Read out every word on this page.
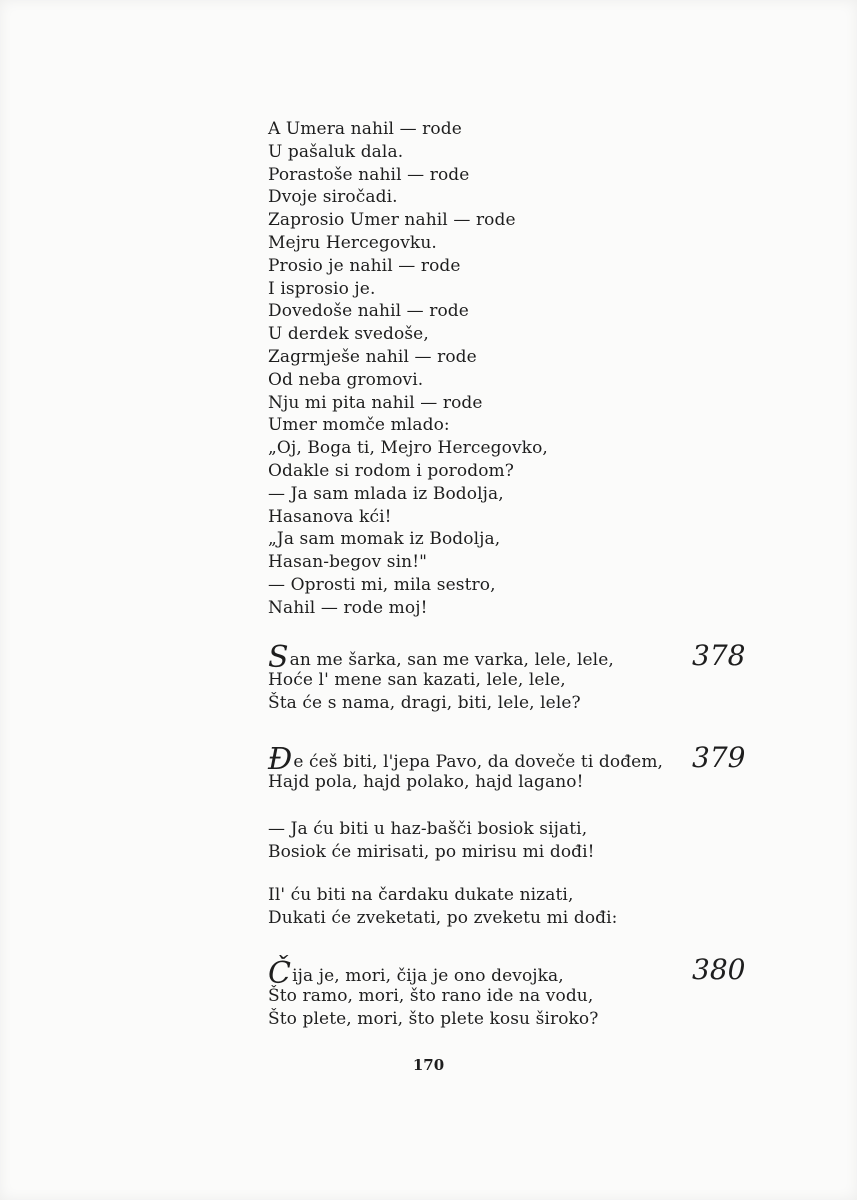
A Umera nahil — rode
U pašaluk dala.
Porastoše nahil — rode
Dvoje siročadi.
Zaprosio Umer nahil — rode
Mejru Hercegovku.
Prosio je nahil — rode
I isprosio je.
Dovedoše nahil — rode
U derdek svedoše,
Zagrmješe nahil — rode
Od neba gromovi.
Nju mi pita nahil — rode
Umer momče mlado:
„Oj, Boga ti, Mejro Hercegovko,
Odakle si rodom i porodom?
— Ja sam mlada iz Bodolja,
Hasanova kći!
„Ja sam momak iz Bodolja,
Hasan-begov sin!"
— Oprosti mi, mila sestro,
Nahil — rode moj!
San me šarka, san me varka, lele, lele,
Hoće l' mene san kazati, lele, lele,
Šta će s nama, dragi, biti, lele, lele?
378
Đe ćeš biti, l'jepa Pavo, da doveče ti dođem,
Hajd pola, hajd polako, hajd lagano!
379
— Ja ću biti u haz-bašči bosiok sijati,
Bosiok će mirisati, po mirisu mi dođi!
Il' ću biti na čardaku dukate nizati,
Dukati će zveketati, po zveketu mi dođi:
Čija je, mori, čija je ono devojka,
Što ramo, mori, što rano ide na vodu,
Što plete, mori, što plete kosu široko?
380
170
